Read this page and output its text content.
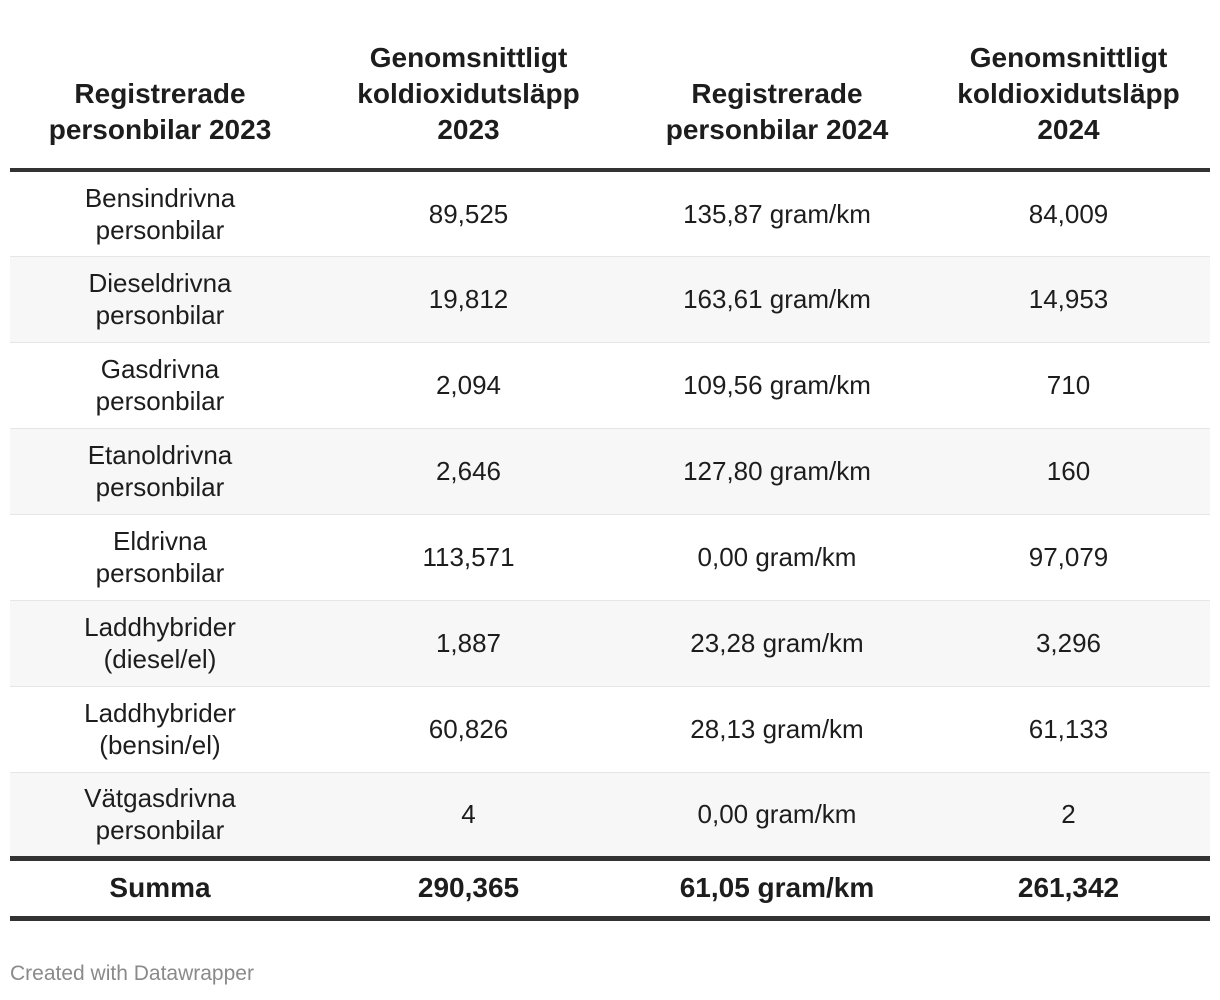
Registrerade personbilar 2023	Genomsnittligt koldioxidutsläpp 2023	Registrerade personbilar 2024	Genomsnittligt koldioxidutsläpp 2024
Bensindrivna personbilar	89,525	135,87 gram/km	84,009
Dieseldrivna personbilar	19,812	163,61 gram/km	14,953
Gasdrivna personbilar	2,094	109,56 gram/km	710
Etanoldrivna personbilar	2,646	127,80 gram/km	160
Eldrivna personbilar	113,571	0,00 gram/km	97,079
Laddhybrider (diesel/el)	1,887	23,28 gram/km	3,296
Laddhybrider (bensin/el)	60,826	28,13 gram/km	61,133
Vätgasdrivna personbilar	4	0,00 gram/km	2
Summa	290,365	61,05 gram/km	261,342
Created with Datawrapper
